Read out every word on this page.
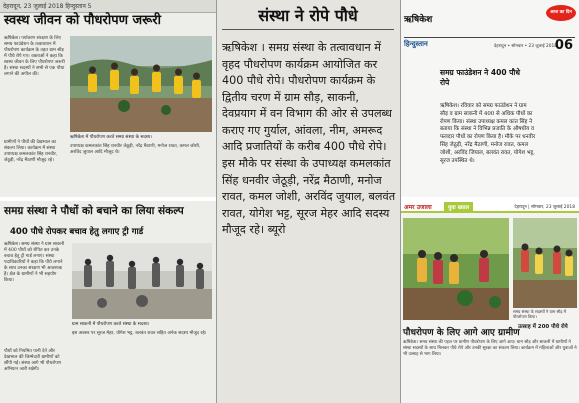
देहरादून, 23 जुलाई 2018 हिन्दुस्तान 5
स्वस्थ जीवन को पौधरोपण जरूरी
ऋषिकेश। पर्यावरण संरक्षण के लिए समग्र फाउंडेशन के तत्वावधान में पौधरोपण कार्यक्रम के तहत ग्राम सौड़ में पौधे रोपे गए। वक्ताओं ने कहा कि स्वस्थ जीवन के लिए पौधरोपण जरूरी है। संस्था सदस्यों ने सभी से एक पौधा लगाने की अपील की।
ऋषिकेश में पौधरोपण करते समग्र संस्था के सदस्य।
ग्रामीणों ने पौधों की देखभाल का संकल्प लिया। कार्यक्रम में संस्था उपाध्यक्ष कमलकांत सिंह धनवीर, जेठूड़ी, नरेंद्र मैठाणी मौजूद रहे।
उपाध्यक्ष कमलकांत सिंह धनवीर जेठूड़ी, नरेंद्र मैठाणी, मनोज रावत, कमल जोशी, अरविंद जुयाल आदि मौजूद थे।
समग्र संस्था ने पौधों को बचाने का लिया संकल्प
400 पौधे रोपकर बचाव हेतु लगाए ट्री गार्ड
ऋषिकेश। समग्र संस्था ने ग्राम साकनी में 400 पौधों को रोपित कर उनके बचाव हेतु ट्री गार्ड लगाए। संस्था पदाधिकारियों ने कहा कि पौधे लगाने के साथ उनका संरक्षण भी आवश्यक है। क्षेत्र के ग्रामीणों ने भी सहयोग किया।
ग्राम साकनी में पौधरोपण करते संस्था के सदस्य।
पौधों को नियमित पानी देने और देखभाल की जिम्मेदारी ग्रामीणों को सौंपी गई। संस्था आगे भी पौधरोपण अभियान जारी रखेगी।
इस अवसर पर सूरज मेहर, योगेश भट्ट, बलवंत रावत सहित अनेक सदस्य मौजूद रहे।
संस्था ने रोपे पौधे
ऋषिकेश । समग्र संस्था के तत्वावधान में वृहद पौधरोपण कार्यक्रम आयोजित कर 400 पौधे रोपे। पौधरोपण कार्यक्रम के द्वितीय चरण में ग्राम सौड़, साकनी, देवप्रयाग में वन विभाग की ओर से उपलब्ध कराए गए गुर्याल, आंवला, नीम, अमरूद आदि प्रजातियों के करीब 400 पौधे रोपे। इस मौके पर संस्था के उपाध्यक्ष कमलकांत सिंह धनवीर जेठूड़ी, नरेंद्र मैठाणी, मनोज रावत, कमल जोशी, अरविंद जुयाल, बलवंत रावत, योगेश भट्ट, सूरज मेहर आदि सदस्य मौजूद रहे। ब्यूरो
ऋषिकेश
आज का दिन
हिन्दुस्तान	देहरादून • सोमवार • 23 जुलाई 2018
06
समग्र फाउंडेशन ने 400 पौधे रोपे
ऋषिकेश। रविवार को समग्र फाउंडेशन ने ग्राम सौड़ व ग्राम साकनी में 400 से अधिक पौधों का रोपण किया। संस्था उपाध्यक्ष कमल कांत सिंह ने बताया कि संस्था ने विभिन्न प्रजाति के औषधीय व फलदार पौधों का रोपण किया है। मौके पर धनवीर सिंह जेठूड़ी, नरेंद्र मैठाणी, मनोज रावत, कमल जोशी, अरविंद जियाल, बलवंत रावत, योगेश भट्ट, सूरज उपस्थित थे।
अमर उजाला	युवा ख्याल	देहरादून | सोमवार, 23 जुलाई 2018
समग्र संस्था के सदस्यों ने ग्राम सौड़ में पौधरोपण किया।
पौधरोपण के लिए आगे आए ग्रामीण
उत्साह में 200 पौधे रोपे
ऋषिकेश। समग्र संस्था की पहल पर ग्रामीण पौधरोपण के लिए आगे आए। ग्राम सौड़ और साकनी में ग्रामीणों ने संस्था सदस्यों के साथ मिलकर पौधे रोपे और उनकी सुरक्षा का संकल्प लिया। कार्यक्रम में महिलाओं और युवाओं ने भी उत्साह से भाग लिया।
